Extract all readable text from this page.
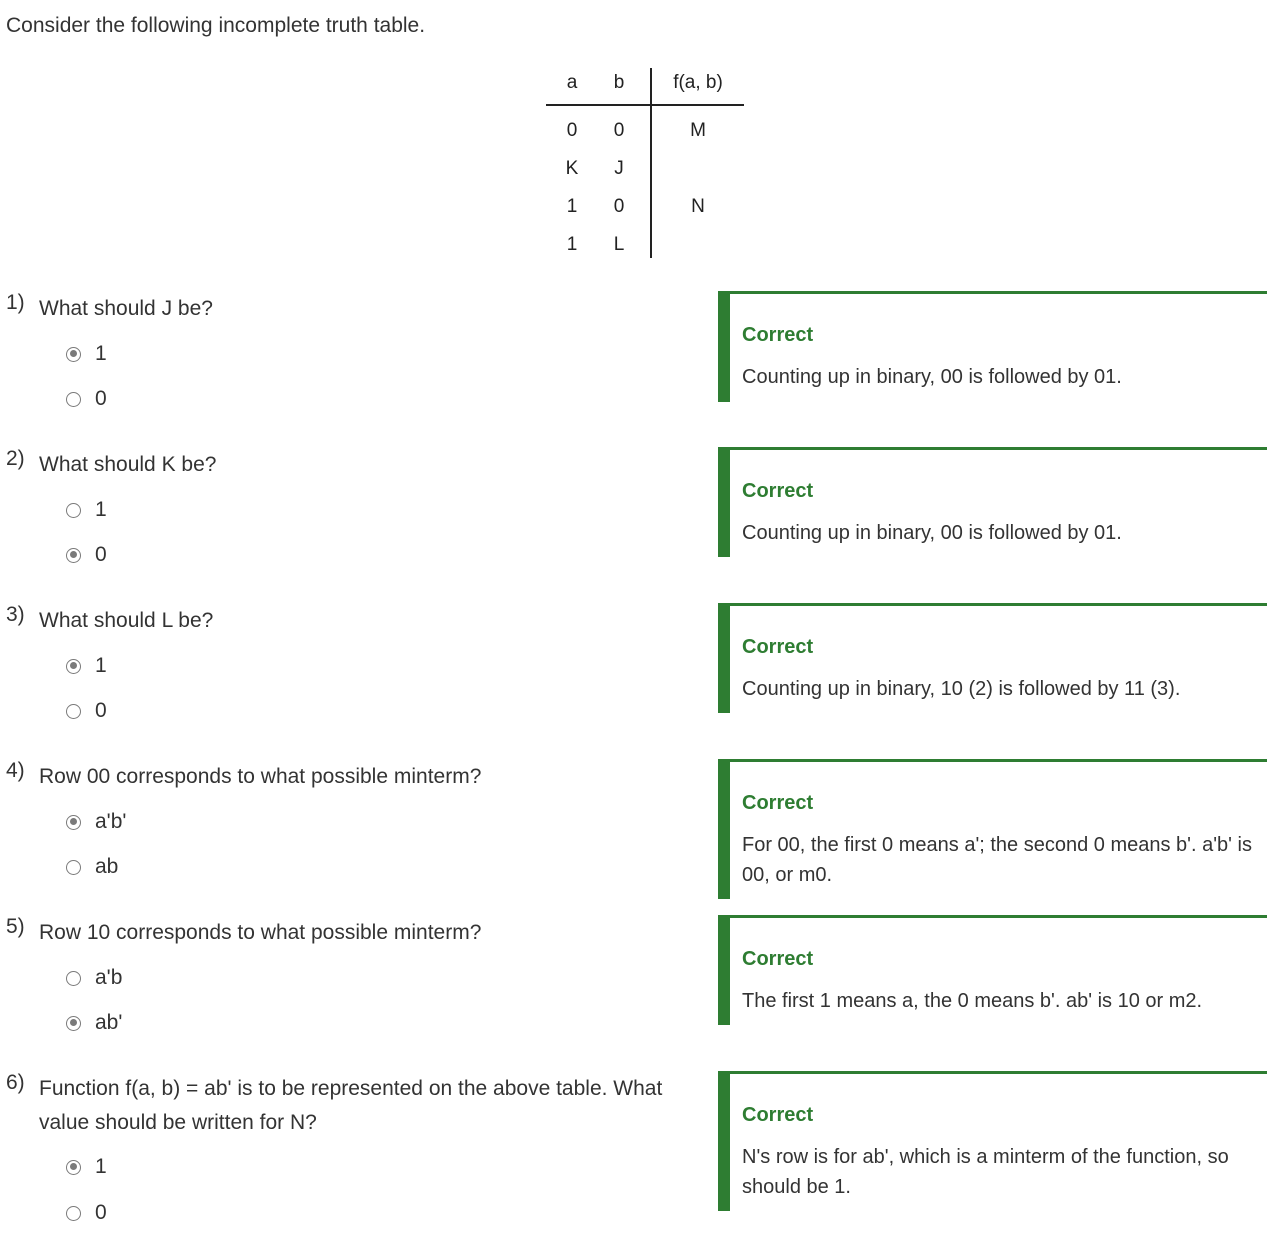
Consider the following incomplete truth table.
a	b	f(a, b)
0	0	M
K	J
1	0	N
1	L
1) What should J be?
1
0
Correct
Counting up in binary, 00 is followed by 01.
2) What should K be?
1
0
Correct
Counting up in binary, 00 is followed by 01.
3) What should L be?
1
0
Correct
Counting up in binary, 10 (2) is followed by 11 (3).
4) Row 00 corresponds to what possible minterm?
a'b'
ab
Correct
For 00, the first 0 means a'; the second 0 means b'. a'b' is 00, or m0.
5) Row 10 corresponds to what possible minterm?
a'b
ab'
Correct
The first 1 means a, the 0 means b'. ab' is 10 or m2.
6) Function f(a, b) = ab' is to be represented on the above table. What value should be written for N?
1
0
Correct
N's row is for ab', which is a minterm of the function, so should be 1.
